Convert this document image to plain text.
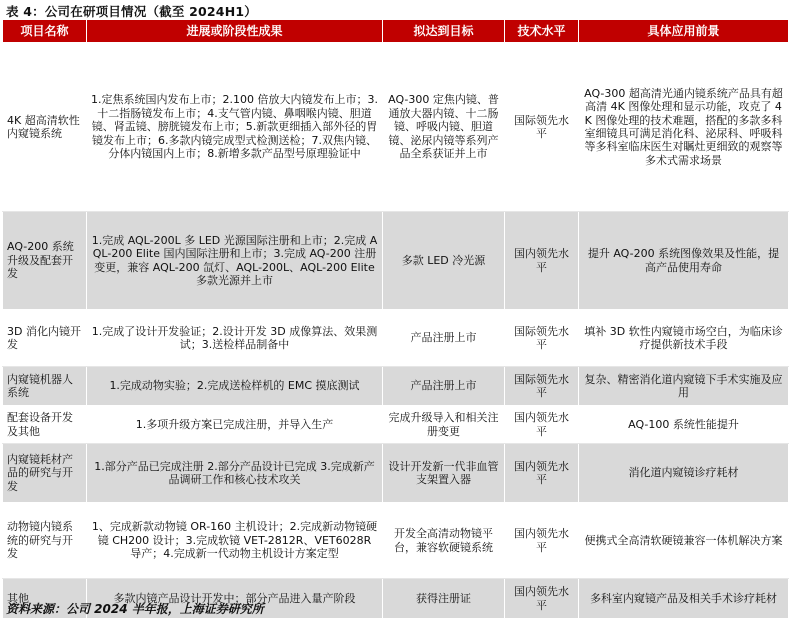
表 4：公司在研项目情况（截至 2024H1）
项目名称	进展或阶段性成果	拟达到目标	技术水平	具体应用前景
4K 超高清软性内窥镜系统	1.定焦系统国内发布上市；2.100 倍放大内镜发布上市；3.十二指肠镜发布上市；4.支气管内镜、鼻咽喉内镜、胆道镜、肾盂镜、膀胱镜发布上市；5.新款更细插入部外径的胃镜发布上市；6.多款内镜完成型式检测送检；7.双焦内镜、分体内镜国内上市；8.新增多款产品型号原理验证中	AQ-300 定焦内镜、普通放大器内镜、十二肠镜、呼吸内镜、胆道镜、泌尿内镜等系列产品全系获证并上市	国际领先水平	AQ-300 超高清光通内镜系统产品具有超高清 4K 图像处理和显示功能，攻克了 4K 图像处理的技术难题，搭配的多款多科室细镜具可满足消化科、泌尿科、呼吸科等多科室临床医生对瞩灶更细致的观察等多术式需求场景
AQ-200 系统升级及配套开发	1.完成 AQL-200L 多 LED 光源国际注册和上市；2.完成 AQL-200 Elite 国内国际注册和上市；3.完成 AQ-200 注册变更，兼容 AQL-200 氙灯、AQL-200L、AQL-200 Elite 多款光源并上市	多款 LED 冷光源	国内领先水平	提升 AQ-200 系统图像效果及性能，提高产品使用寿命
3D 消化内镜开发	1.完成了设计开发验证；2.设计开发 3D 成像算法、效果测试；3.送检样品制备中	产品注册上市	国际领先水平	填补 3D 软性内窥镜市场空白，为临床诊疗提供新技术手段
内窥镜机器人系统	1.完成动物实验；2.完成送检样机的 EMC 摸底测试	产品注册上市	国际领先水平	复杂、精密消化道内窥镜下手术实施及应用
配套设备开发及其他	1.多项升级方案已完成注册，并导入生产	完成升级导入和相关注册变更	国内领先水平	AQ-100 系统性能提升
内窥镜耗材产品的研究与开发	1.部分产品已完成注册 2.部分产品设计已完成 3.完成新产品调研工作和核心技术攻关	设计开发新一代非血管支架置入器	国内领先水平	消化道内窥镜诊疗耗材
动物镜内镜系统的研究与开发	1、完成新款动物镜 OR-160 主机设计；2.完成新动物镜硬镜 CH200 设计；3.完成软镜 VET-2812R、VET6028R 导产；4.完成新一代动物主机设计方案定型	开发全高清动物镜平台，兼容软硬镜系统	国内领先水平	便携式全高清软硬镜兼容一体机解决方案
其他	多款内镜产品设计开发中；部分产品进入量产阶段	获得注册证	国内领先水平	多科室内窥镜产品及相关手术诊疗耗材
资料来源：公司 2024 半年报，上海证券研究所
